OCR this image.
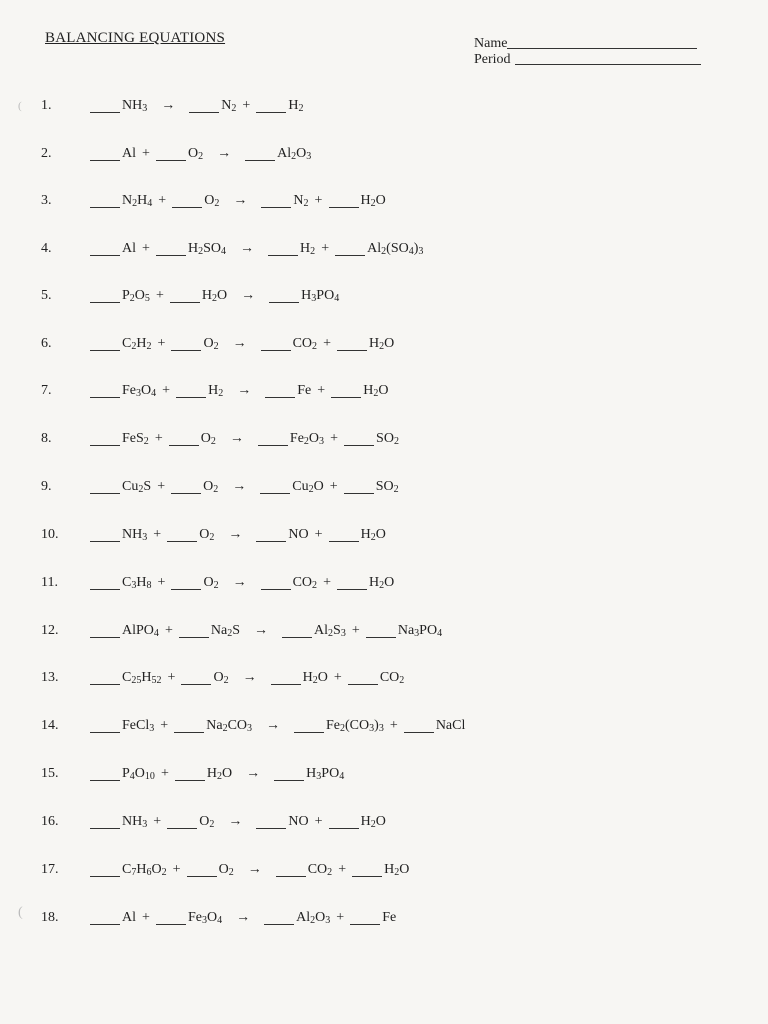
BALANCING EQUATIONS	Name
Period
1.	$NH_3$	→	$N_2$ +	$H_2$
2.	Al +	$O_2$	→	$Al_2O_3$
3.	$N_2H_4$ +	$O_2$	→	$N_2$ +	$H_2O$
4.	Al +	$H_2SO_4$	→	$H_2$ +	$Al_2(SO_4)_3$
5.	$P_2O_5$ +	$H_2O$	→	$H_3PO_4$
6.	$C_2H_2$ +	$O_2$	→	$CO_2$ +	$H_2O$
7.	$Fe_3O_4$ +	$H_2$	→	Fe +	$H_2O$
8.	FeS$_2$ +	$O_2$	→	$Fe_2O_3$ +	$SO_2$
9.	$Cu_2S$ +	$O_2$	→	$Cu_2O$ +	$SO_2$
10.	$NH_3$ +	$O_2$	→	NO +	$H_2O$
11.	$C_3H_8$ +	$O_2$	→	$CO_2$ +	$H_2O$
12.	AlPO$_4$ +	$Na_2S$	→	$Al_2S_3$ +	$Na_3PO_4$
13.	$C_{25}H_{52}$ +	$O_2$	→	$H_2O$ +	$CO_2$
14.	FeCl$_3$ +	$Na_2CO_3$	→	$Fe_2(CO_3)_3$ +	NaCl
15.	$P_4O_{10}$ +	$H_2O$	→	$H_3PO_4$
16.	$NH_3$ +	$O_2$	→	NO +	$H_2O$
17.	$C_7H_6O_2$ +	$O_2$	→	$CO_2$ +	$H_2O$
18.	Al +	$Fe_3O_4$	→	$Al_2O_3$ +	Fe
(
(
